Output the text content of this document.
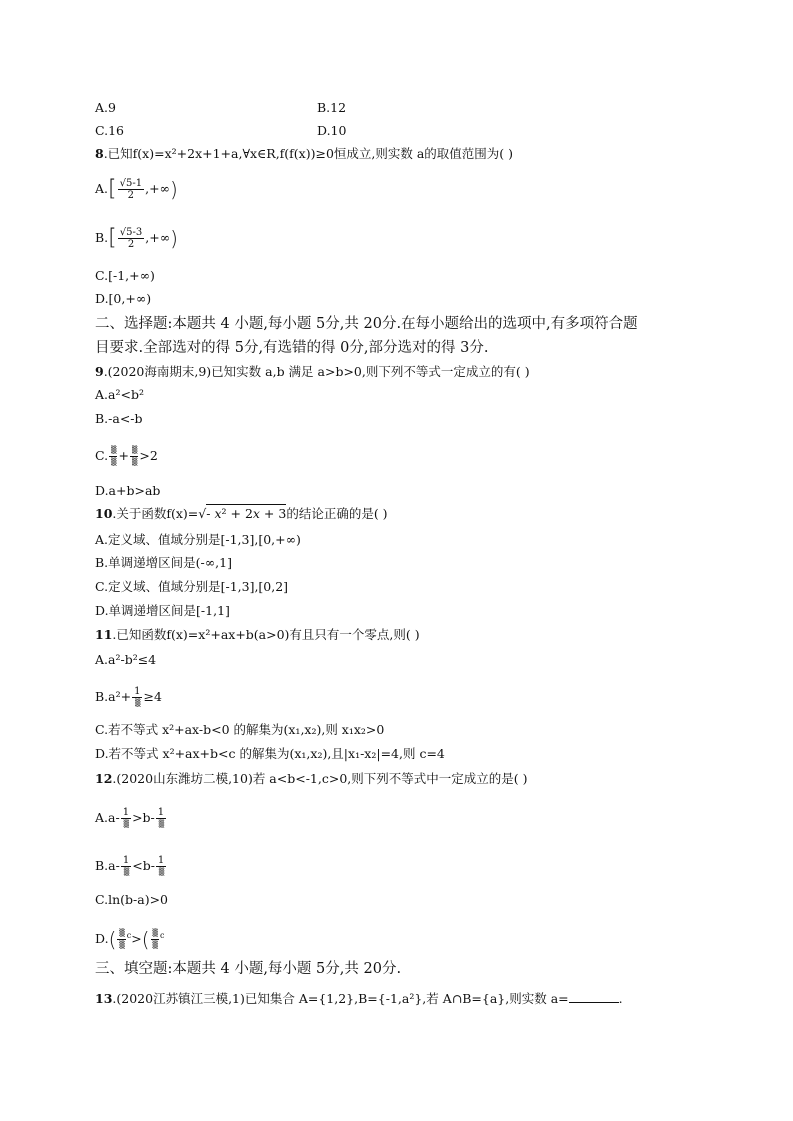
A.9	B.12
C.16	D.10
8.已知f(x)=x²+2x+1+a,∀x∈R,f(f(x))≥0恒成立,则实数 a的取值范围为( )
$A.[ \frac{√5-1}{2}$ ,+∞)
$B.[ \frac{√5-3}{2}$ ,+∞)
C.[-1,+∞)
D.[0,+∞)
二、选择题:本题共 4 小题,每小题 5分,共 20分.在每小题给出的选项中,有多项符合题
目要求.全部选对的得 5分,有选错的得 0分,部分选对的得 3分.
9.(2020海南期末,9)已知实数 a,b 满足 a>b>0,则下列不等式一定成立的有( )
A.a²<b²
B.-a<-b
C. $\frac{▒}{▒} + \frac{▒}{▒} >2$
D.a+b>ab
10.关于函数f(x)=√- 𝑥² + 2𝑥 + 3的结论正确的是( )
A.定义域、值域分别是[-1,3],[0,+∞)
B.单调递增区间是(-∞,1]
C.定义域、值域分别是[-1,3],[0,2]
D.单调递增区间是[-1,1]
11.已知函数f(x)=x²+ax+b(a>0)有且只有一个零点,则( )
A.a²-b²≤4
$B.a^2+ \frac{1}{▒} \ge 4$
C.若不等式 x²+ax-b<0 的解集为(x₁,x₂),则 x₁x₂>0
D.若不等式 x²+ax+b<c 的解集为(x₁,x₂),且|x₁-x₂|=4,则 c=4
12.(2020山东潍坊二模,10)若 a<b<-1,c>0,则下列不等式中一定成立的是( )
$A.a- \frac{1}{▒} >b- \frac{1}{▒}$
$B.a- \frac{1}{▒} <b- \frac{1}{▒}$
C.ln(b-a)>0
$D.( \frac{▒}{▒} ^c>( \frac{▒}{▒} ^c$
三、填空题:本题共 4 小题,每小题 5分,共 20分.
13.(2020江苏镇江三模,1)已知集合 A={1,2},B={-1,a²},若 A∩B={a},则实数 a=	.
